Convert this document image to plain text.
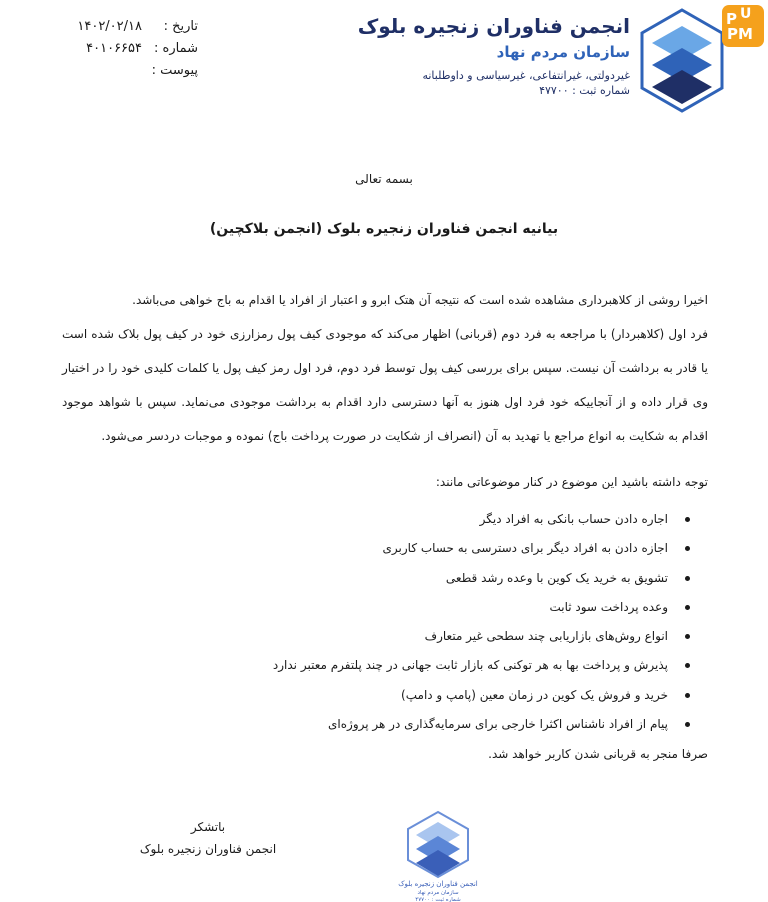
P U
PM
انجمن فناوران زنجیره بلوک
سازمان مردم نهاد
غیردولتی، غیرانتفاعی، غیرسیاسی و داوطلبانه
شماره ثبت : ۴۷۷۰۰
تاریخ :
شماره :
پیوست :
۱۴۰۲/۰۲/۱۸
۴۰۱۰۶۶۵۴
بسمه تعالی
بیانیه انجمن فناوران زنجیره بلوک (انجمن بلاکچین)

اخیرا روشی از کلاهبرداری مشاهده شده است که نتیجه آن هتک ابرو و اعتبار از افراد یا اقدام به باج خواهی می‌باشد.

فرد اول (کلاهبردار) با مراجعه به فرد دوم (قربانی) اظهار می‌کند که موجودی کیف پول رمزارزی خود در کیف پول بلاک شده است یا قادر به برداشت آن نیست. سپس برای بررسی کیف پول توسط فرد دوم، فرد اول رمز کیف پول یا کلمات کلیدی خود را در اختیار وی قرار داده و از آنجاییکه خود فرد اول هنوز به آنها دسترسی دارد اقدام به برداشت موجودی می‌نماید. سپس با شواهد موجود اقدام به شکایت به انواع مراجع یا تهدید به آن (انصراف از شکایت در صورت پرداخت باج) نموده و موجبات دردسر می‌شود.

توجه داشته باشید این موضوع در کنار موضوعاتی مانند:

اجاره دادن حساب بانکی به افراد دیگر
اجازه دادن به افراد دیگر برای دسترسی به حساب کاربری
تشویق به خرید یک کوین با وعده رشد قطعی
وعده پرداخت سود ثابت
انواع روش‌های بازاریابی چند سطحی غیر متعارف
پذیرش و پرداخت بها به هر توکنی که بازار ثابت جهانی در چند پلتفرم معتبر ندارد
خرید و فروش یک کوین در زمان معین (پامپ و دامپ)
پیام از افراد ناشناس اکثرا خارجی برای سرمایه‌گذاری در هر پروژه‌ای

صرفا منجر به قربانی شدن کاربر خواهد شد.

باتشکر
انجمن فناوران زنجیره بلوک
انجمن فناوران زنجیره بلوک
سازمان مردم نهاد
شماره ثبت : ۴۷۷۰۰
